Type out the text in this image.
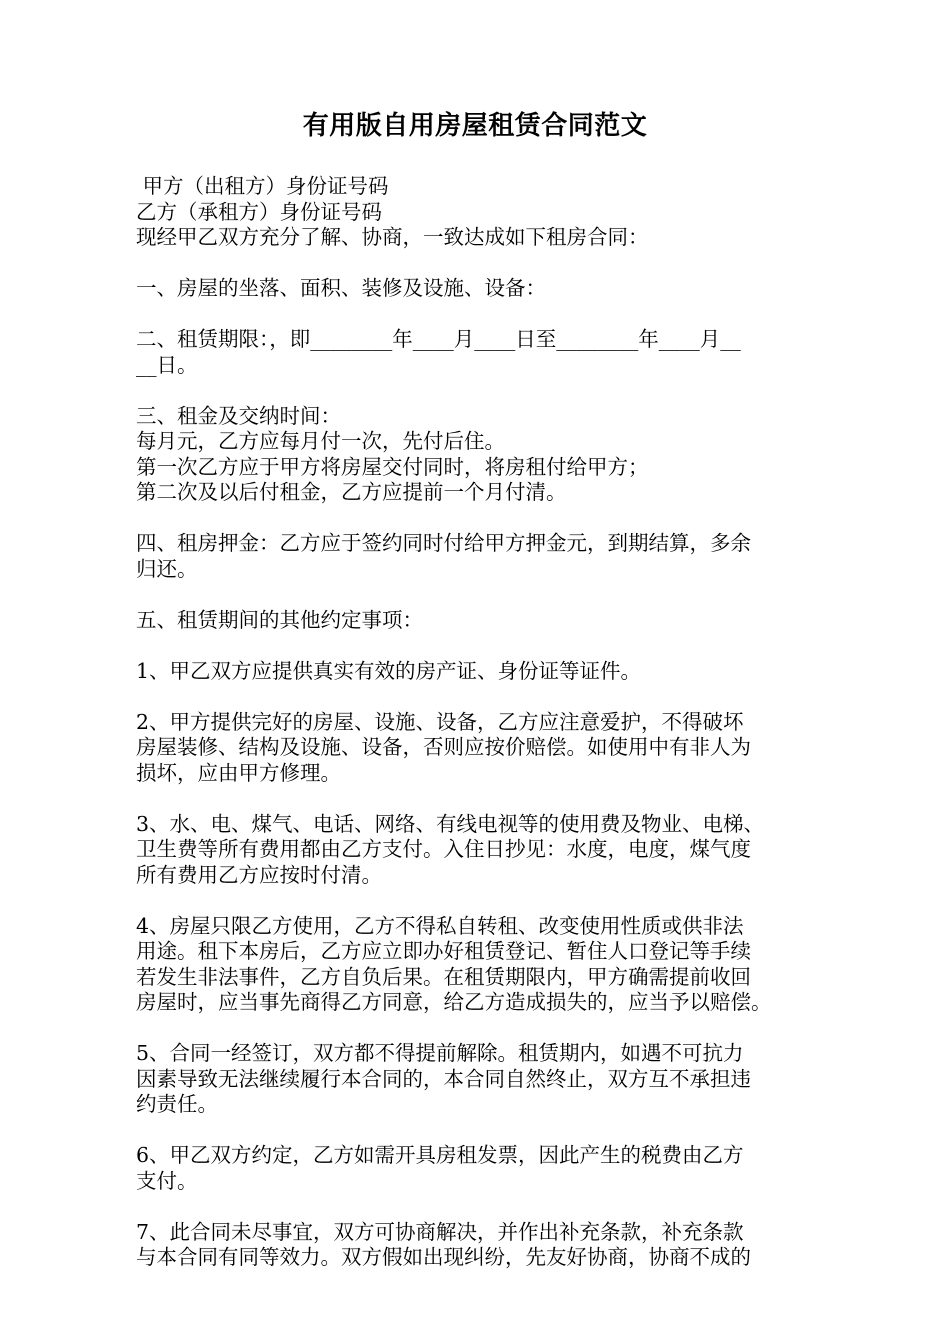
有用版自用房屋租赁合同范文
甲方（出租方）身份证号码
乙方（承租方）身份证号码
现经甲乙双方充分了解、协商，一致达成如下租房合同：
一、房屋的坐落、面积、装修及设施、设备：
二、租赁期限：，即________年____月____日至________年____月__
__日。
三、租金及交纳时间：
每月元，乙方应每月付一次，先付后住。
第一次乙方应于甲方将房屋交付同时，将房租付给甲方；
第二次及以后付租金，乙方应提前一个月付清。
四、租房押金：乙方应于签约同时付给甲方押金元，到期结算，多余
归还。
五、租赁期间的其他约定事项：
1、甲乙双方应提供真实有效的房产证、身份证等证件。
2、甲方提供完好的房屋、设施、设备，乙方应注意爱护，不得破坏
房屋装修、结构及设施、设备，否则应按价赔偿。如使用中有非人为
损坏，应由甲方修理。
3、水、电、煤气、电话、网络、有线电视等的使用费及物业、电梯、
卫生费等所有费用都由乙方支付。入住日抄见：水度，电度，煤气度
所有费用乙方应按时付清。
4、房屋只限乙方使用，乙方不得私自转租、改变使用性质或供非法
用途。租下本房后，乙方应立即办好租赁登记、暂住人口登记等手续
若发生非法事件，乙方自负后果。在租赁期限内，甲方确需提前收回
房屋时，应当事先商得乙方同意，给乙方造成损失的，应当予以赔偿。
5、合同一经签订，双方都不得提前解除。租赁期内，如遇不可抗力
因素导致无法继续履行本合同的，本合同自然终止，双方互不承担违
约责任。
6、甲乙双方约定，乙方如需开具房租发票，因此产生的税费由乙方
支付。
7、此合同未尽事宜，双方可协商解决，并作出补充条款，补充条款
与本合同有同等效力。双方假如出现纠纷，先友好协商，协商不成的
